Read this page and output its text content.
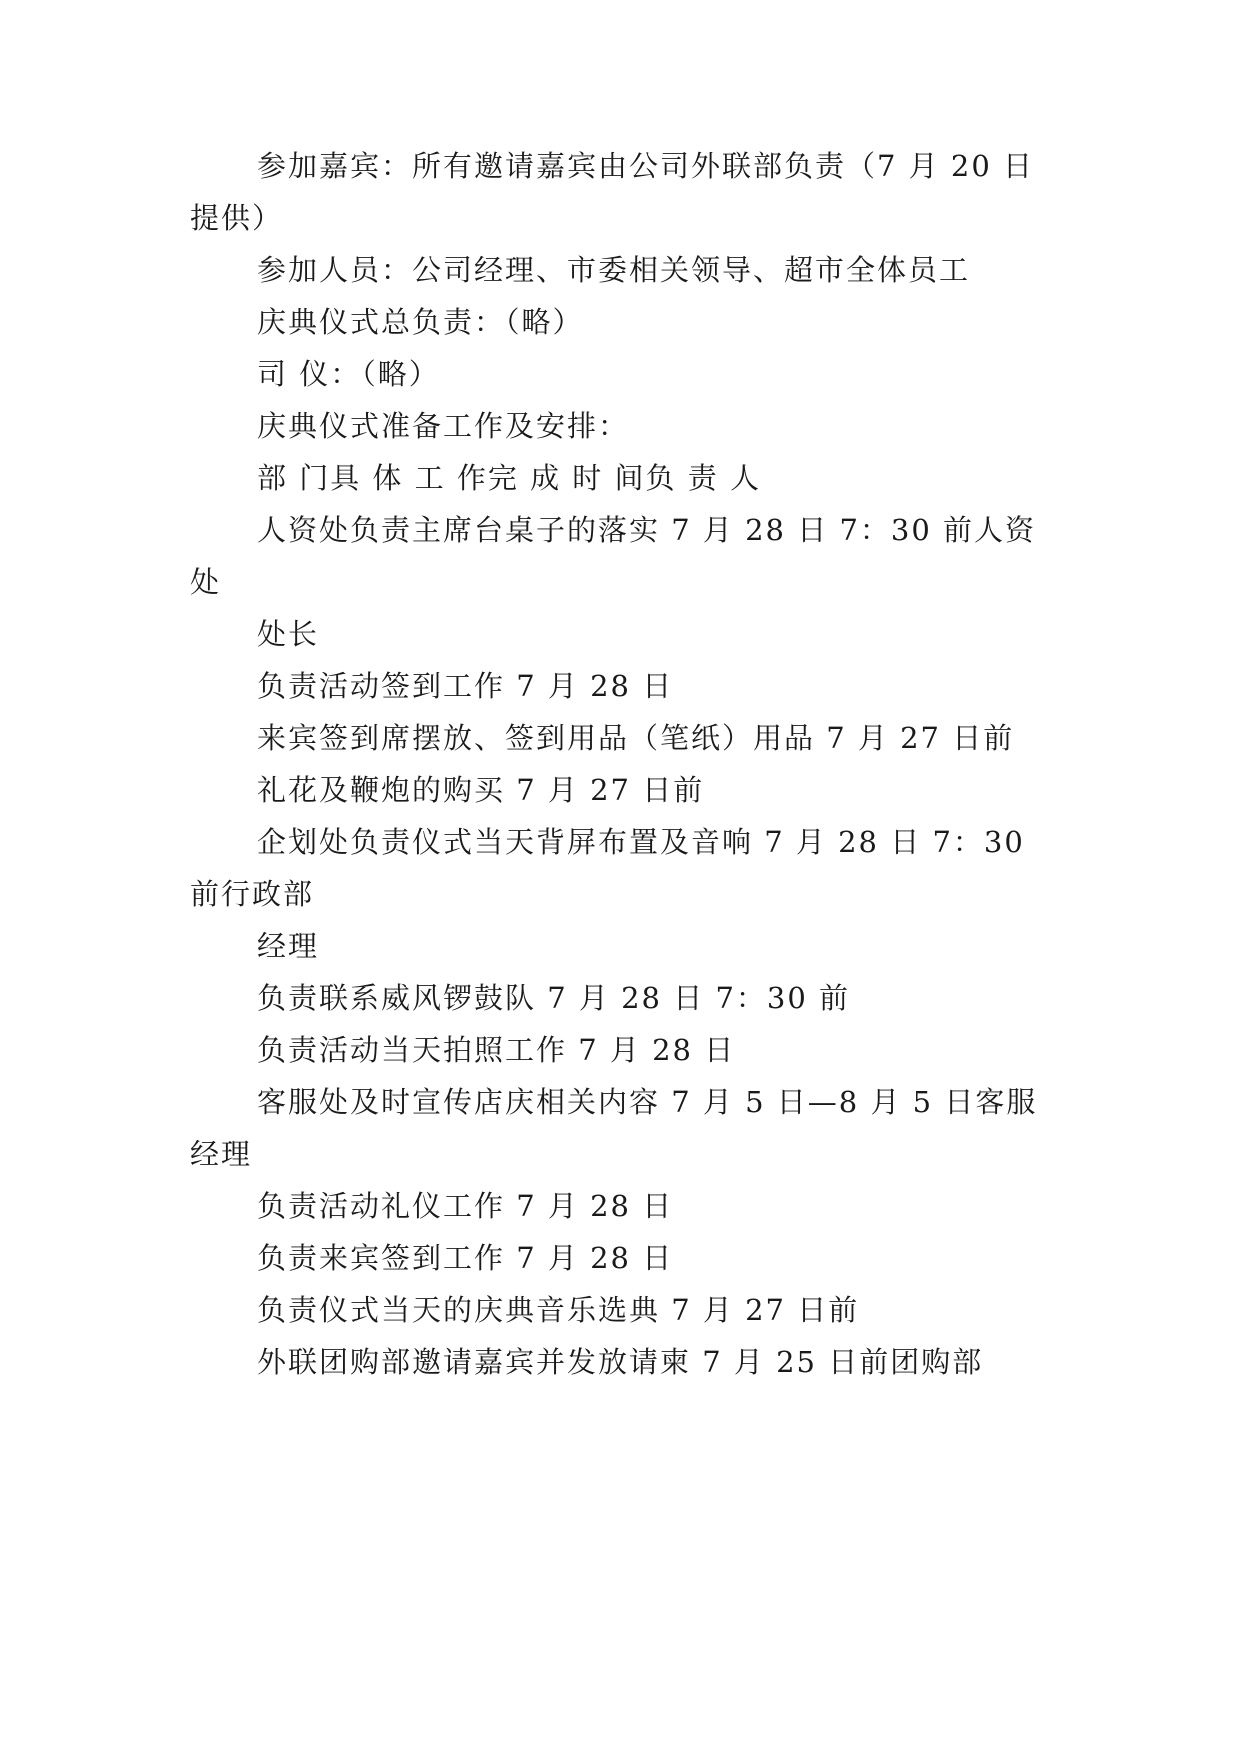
参加嘉宾：所有邀请嘉宾由公司外联部负责（7 月 20 日
提供）
参加人员：公司经理、市委相关领导、超市全体员工
庆典仪式总负责：（略）
司 仪：（略）
庆典仪式准备工作及安排：
部 门具 体 工 作完 成 时 间负 责 人
人资处负责主席台桌子的落实 7 月 28 日 7：30 前人资
处
处长
负责活动签到工作 7 月 28 日
来宾签到席摆放、签到用品（笔纸）用品 7 月 27 日前
礼花及鞭炮的购买 7 月 27 日前
企划处负责仪式当天背屏布置及音响 7 月 28 日 7：30
前行政部
经理
负责联系威风锣鼓队 7 月 28 日 7：30 前
负责活动当天拍照工作 7 月 28 日
客服处及时宣传店庆相关内容 7 月 5 日—8 月 5 日客服
经理
负责活动礼仪工作 7 月 28 日
负责来宾签到工作 7 月 28 日
负责仪式当天的庆典音乐选典 7 月 27 日前
外联团购部邀请嘉宾并发放请柬 7 月 25 日前团购部
